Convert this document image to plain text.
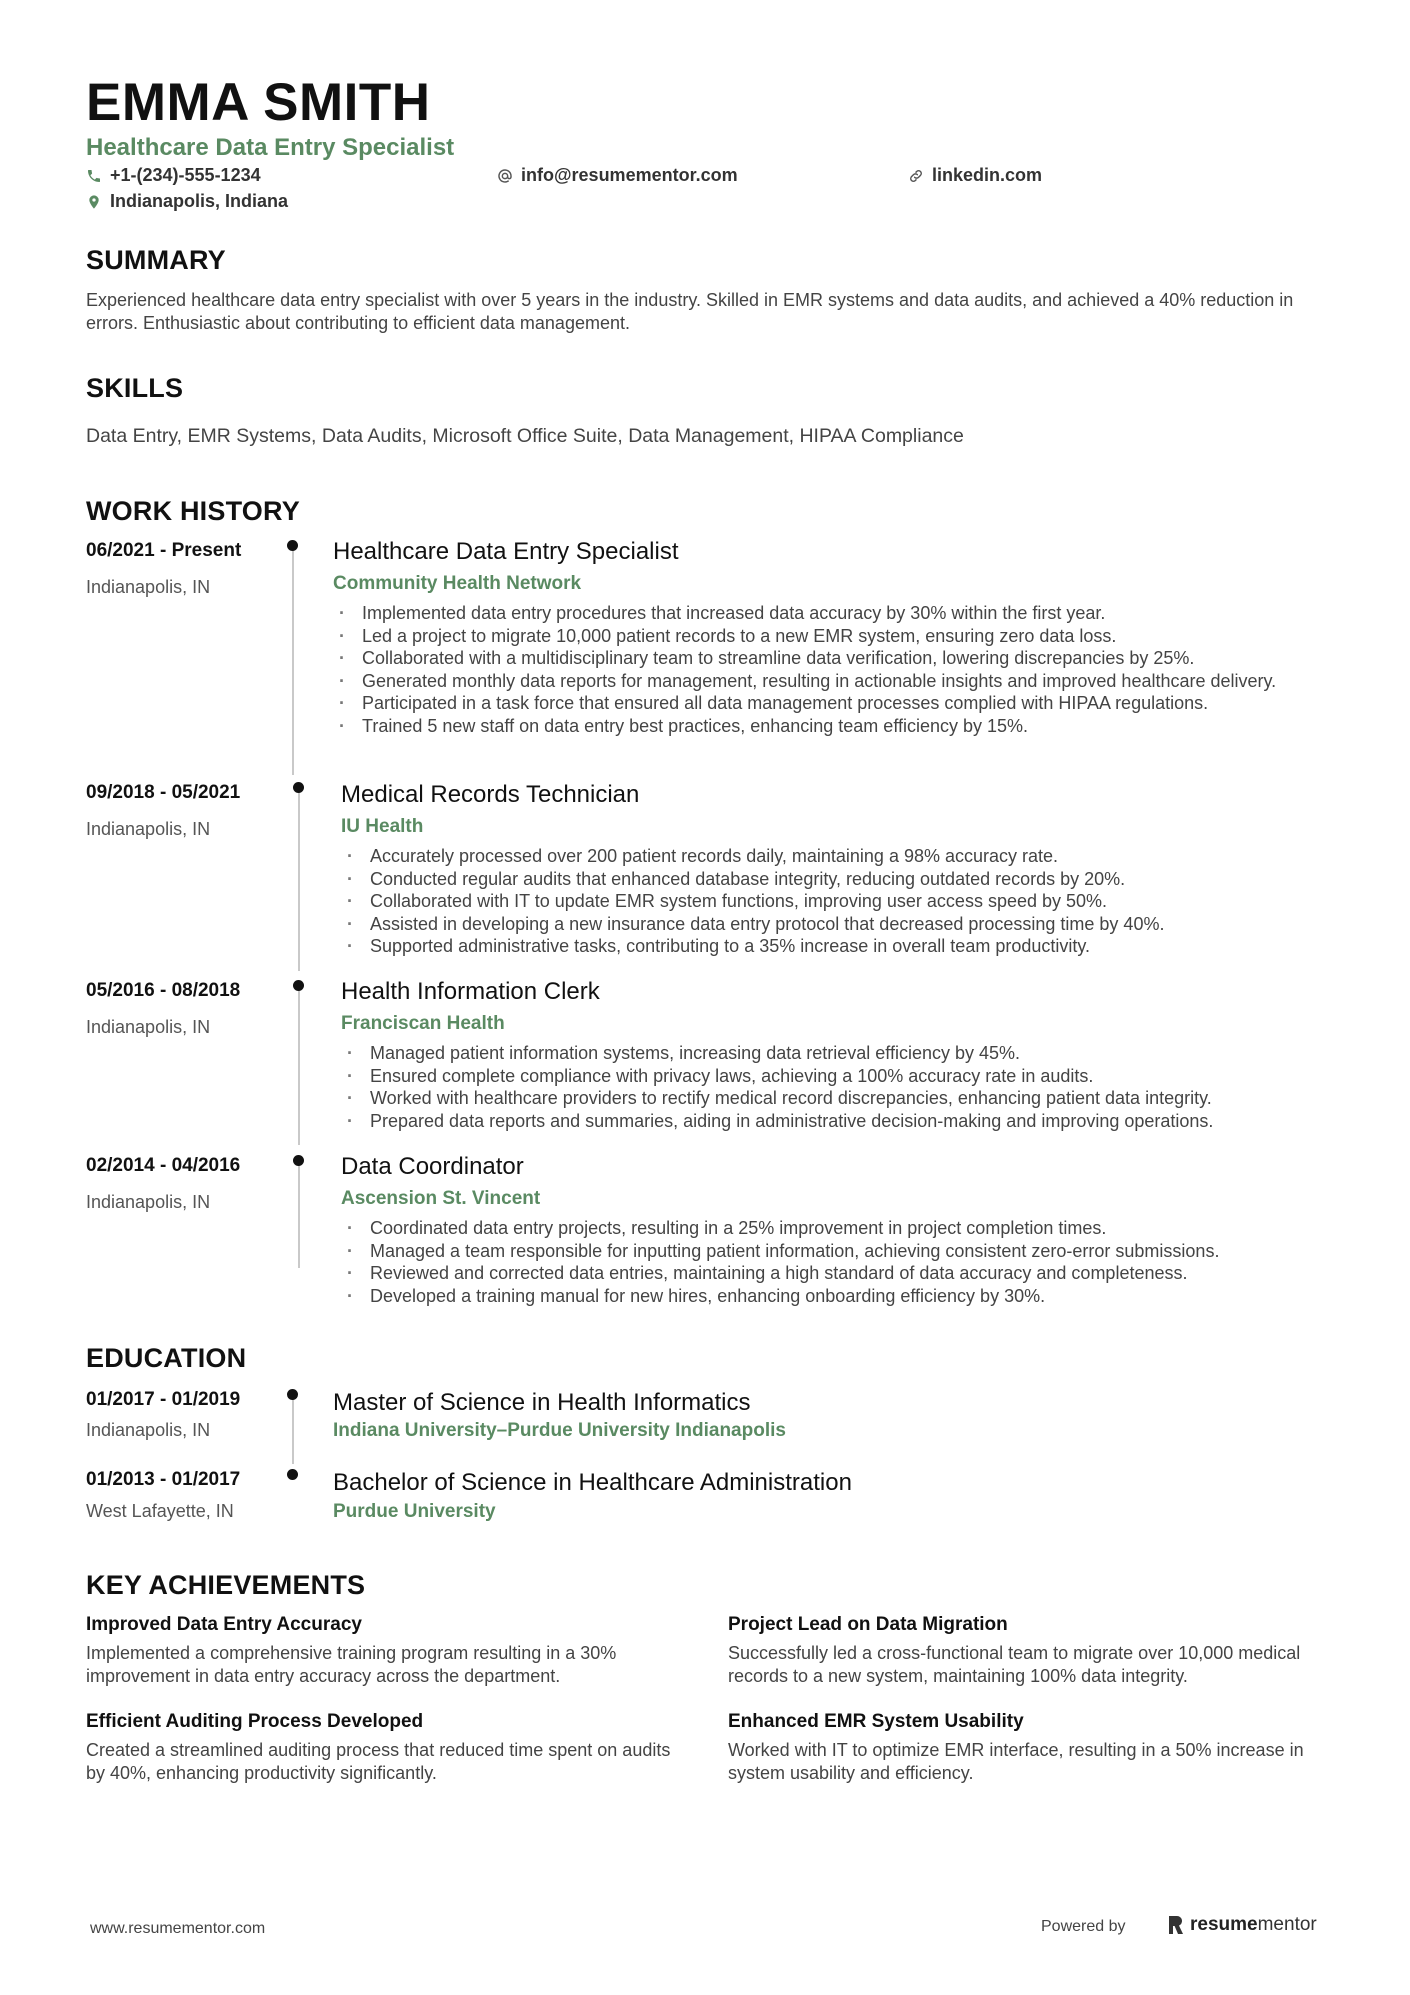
EMMA SMITH
Healthcare Data Entry Specialist
+1-(234)-555-1234	info@resumementor.com	linkedin.com
Indianapolis, Indiana
SUMMARY
Experienced healthcare data entry specialist with over 5 years in the industry. Skilled in EMR systems and data audits, and achieved a 40% reduction in errors. Enthusiastic about contributing to efficient data management.
SKILLS
Data Entry, EMR Systems, Data Audits, Microsoft Office Suite, Data Management, HIPAA Compliance
WORK HISTORY
06/2021 - Present
Indianapolis, IN
Healthcare Data Entry Specialist
Community Health Network
· Implemented data entry procedures that increased data accuracy by 30% within the first year.
· Led a project to migrate 10,000 patient records to a new EMR system, ensuring zero data loss.
· Collaborated with a multidisciplinary team to streamline data verification, lowering discrepancies by 25%.
· Generated monthly data reports for management, resulting in actionable insights and improved healthcare delivery.
· Participated in a task force that ensured all data management processes complied with HIPAA regulations.
· Trained 5 new staff on data entry best practices, enhancing team efficiency by 15%.
09/2018 - 05/2021
Indianapolis, IN
Medical Records Technician
IU Health
· Accurately processed over 200 patient records daily, maintaining a 98% accuracy rate.
· Conducted regular audits that enhanced database integrity, reducing outdated records by 20%.
· Collaborated with IT to update EMR system functions, improving user access speed by 50%.
· Assisted in developing a new insurance data entry protocol that decreased processing time by 40%.
· Supported administrative tasks, contributing to a 35% increase in overall team productivity.
05/2016 - 08/2018
Indianapolis, IN
Health Information Clerk
Franciscan Health
· Managed patient information systems, increasing data retrieval efficiency by 45%.
· Ensured complete compliance with privacy laws, achieving a 100% accuracy rate in audits.
· Worked with healthcare providers to rectify medical record discrepancies, enhancing patient data integrity.
· Prepared data reports and summaries, aiding in administrative decision-making and improving operations.
02/2014 - 04/2016
Indianapolis, IN
Data Coordinator
Ascension St. Vincent
· Coordinated data entry projects, resulting in a 25% improvement in project completion times.
· Managed a team responsible for inputting patient information, achieving consistent zero-error submissions.
· Reviewed and corrected data entries, maintaining a high standard of data accuracy and completeness.
· Developed a training manual for new hires, enhancing onboarding efficiency by 30%.
EDUCATION
01/2017 - 01/2019
Indianapolis, IN
Master of Science in Health Informatics
Indiana University–Purdue University Indianapolis
01/2013 - 01/2017
West Lafayette, IN
Bachelor of Science in Healthcare Administration
Purdue University
KEY ACHIEVEMENTS
Improved Data Entry Accuracy
Implemented a comprehensive training program resulting in a 30% improvement in data entry accuracy across the department.
Project Lead on Data Migration
Successfully led a cross-functional team to migrate over 10,000 medical records to a new system, maintaining 100% data integrity.
Efficient Auditing Process Developed
Created a streamlined auditing process that reduced time spent on audits by 40%, enhancing productivity significantly.
Enhanced EMR System Usability
Worked with IT to optimize EMR interface, resulting in a 50% increase in system usability and efficiency.
www.resumementor.com	Powered by	resumementor
